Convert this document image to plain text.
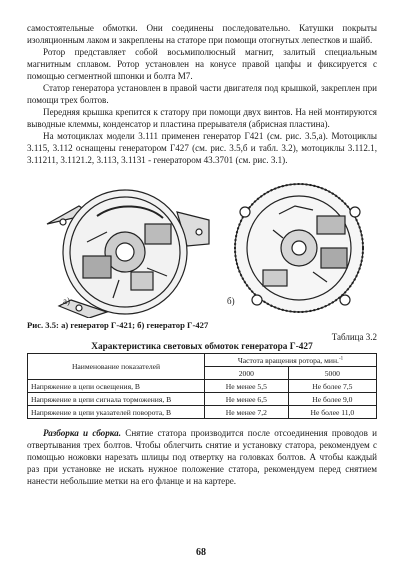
самостоятельные обмотки. Они соединены последовательно. Катушки покрыты изоляционным лаком и закреплены на статоре при помощи отогнутых лепестков и шайб.

Ротор представляет собой восьмиполюсный магнит, залитый специальным магнитным сплавом. Ротор установлен на конусе правой цапфы и фиксируется с помощью сегментной шпонки и болта М7.

Статор генератора установлен в правой части двигателя под крышкой, закреплен при помощи трех болтов.

Передняя крышка крепится к статору при помощи двух винтов. На ней монтируются выводные клеммы, конденсатор и пластина прерывателя (абрисная пластина).

На мотоциклах модели 3.111 применен генератор Г421 (см. рис. 3.5,а). Мотоциклы 3.115, 3.112 оснащены генератором Г427 (см. рис. 3.5,б и табл. 3.2), мотоциклы 3.112.1, 3.11211, 3.1121.2, 3.113, 3.1131 - генератором 43.3701 (см. рис. 3.1).

а)	б)
Рис. 3.5: а) генератор Г-421; б) генератор Г-427
Таблица 3.2
Характеристика световых обмоток генератора Г-427
Наименование показателей	Частота вращения ротора, мин.$^{-1}$
	2000	5000
Напряжение в цепи освещения, В	Не менее 5,5	Не более 7,5
Напряжение в цепи сигнала торможения, В	Не менее 6,5	Не более 9,0
Напряжение в цепи указателей поворота, В	Не менее 7,2	Не более 11,0

Разборка и сборка. Снятие статора производится после отсоединения проводов и отвертывания трех болтов. Чтобы облегчить снятие и установку статора, рекомендуем с помощью ножовки нарезать шлицы под отвертку на головках болтов. А чтобы каждый раз при установке не искать нужное положение статора, рекомендуем перед снятием нанести небольшие метки на его фланце и на картере.

68
